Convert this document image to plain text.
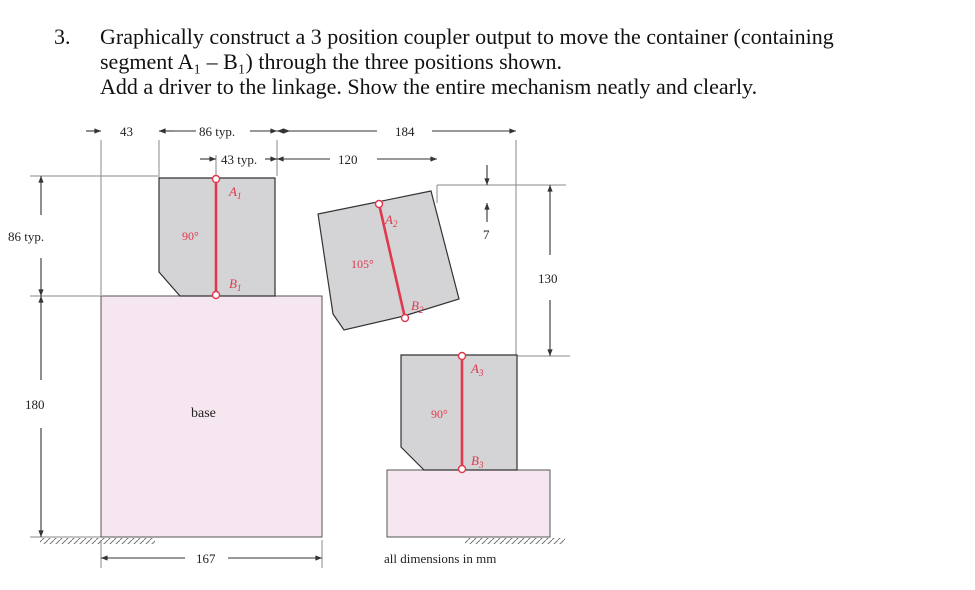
3. Graphically construct a 3 position coupler output to move the container (containing
segment A₁ – B₁) through the three positions shown.
Add a driver to the linkage. Show the entire mechanism neatly and clearly.
$A_1$
$B_1$
$A_2$
$B_2$
$A_3$
$B_3$
90°
105°
90°
43	86 typ.	184
43 typ.	120
86 typ.
180
7
130
167
base
all dimensions in mm
